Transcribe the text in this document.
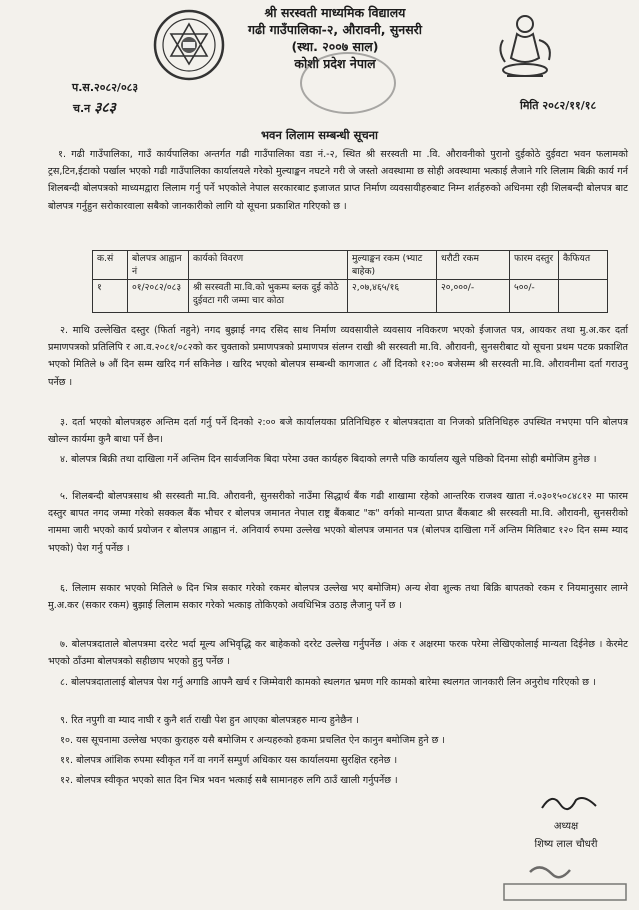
श्री सरस्वती माध्यमिक विद्यालय
गढी गाउँपालिका-२, औरावनी, सुनसरी
(स्था. २००७ साल)
कोशी प्रदेश नेपाल
प.स.२०८२/०८३
च.न ३८३	मिति २०८२/११/१८
भवन लिलाम सम्बन्धी सूचना
१. गढी गाउँपालिका, गाउँ कार्यपालिका अन्तर्गत गढी गाउँपालिका वडा नं.-२, स्थित श्री सरस्वती मा .वि. औरावनीको पुरानो दुईकोठे दुईवटा भवन फलामको ट्रस,टिन,ईटाको पर्खाल भएको गढी गाउँपालिका कार्यालयले गरेको मुल्याङ्कन नघटने गरी जे जस्तो अवस्थामा छ सोही अवस्थामा भत्काई लैजाने गरि लिलाम बिक्री कार्य गर्न शिलबन्दी बोलपत्रको माध्यमद्वारा लिलाम गर्नु पर्ने भएकोले नेपाल सरकारबाट इजाजत प्राप्त निर्माण व्यवसायीहरुबाट निम्न शर्तहरुको अधिनमा रही शिलबन्दी बोलपत्र बाट बोलपत्र गर्नुहुन सरोकारवाला सबैको जानकारीको लागि यो सूचना प्रकाशित गरिएको छ ।
क.सं	बोलपत्र आह्वान नं	कार्यको विवरण	मुल्याङ्कन रकम (भ्याट बाहेक)	धरौटी रकम	फारम दस्तुर	कैफियत
१	०१/२०८२/०८३	श्री सरस्वती मा.वि.को भुकम्प ब्लक दुई कोठे दुईवटा गरी जम्मा चार कोठा	२,०७,४६५/१६	२०,०००/-	५००/-	
२. माथि उल्लेखित दस्तुर (फिर्ता नहुने) नगद बुझाई नगद रसिद साथ निर्माण व्यवसायीले व्यवसाय नविकरण भएको ईजाजत पत्र, आयकर तथा मु.अ.कर दर्ता प्रमाणपत्रको प्रतिलिपि र आ.व.२०८१/०८२को कर चुक्ताको प्रमाणपत्रको प्रमाणपत्र संलग्न राखी श्री सरस्वती मा.वि. औरावनी, सुनसरीबाट यो सूचना प्रथम पटक प्रकाशित भएको मितिले ७ औं दिन सम्म खरिद गर्न सकिनेछ । खरिद भएको बोलपत्र सम्बन्धी कागजात ८ औं दिनको १२:०० बजेसम्म श्री सरस्वती मा.वि. औरावनीमा दर्ता गराउनु पर्नेछ ।
३. दर्ता भएको बोलपत्रहरु अन्तिम दर्ता गर्नु पर्ने दिनको २:०० बजे कार्यालयका प्रतिनिधिहरु र बोलपत्रदाता वा निजको प्रतिनिधिहरु उपस्थित नभएमा पनि बोलपत्र खोल्न कार्यमा कुनै बाधा पर्ने छैन।
४. बोलपत्र बिक्री तथा दाखिला गर्ने अन्तिम दिन सार्वजनिक बिदा परेमा उक्त कार्यहरु बिदाको लगत्तै पछि कार्यालय खुले पछिको दिनमा सोही बमोजिम हुनेछ ।
५. शिलबन्दी बोलपत्रसाथ श्री सरस्वती मा.वि. औरावनी, सुनसरीको नाउँमा सिद्धार्थ बैंक गढी शाखामा रहेको आन्तरिक राजश्व खाता नं.०३०१५०८४८१२ मा फारम दस्तुर बापत नगद जम्मा गरेको सक्कल बैंक भौचर र बोलपत्र जमानत नेपाल राष्ट्र बैंकबाट "क" वर्गको मान्यता प्राप्त बैंकबाट श्री सरस्वती मा.वि. औरावनी, सुनसरीको नाममा जारी भएको कार्य प्रयोजन र बोलपत्र आह्वान नं. अनिवार्य रुपमा उल्लेख भएको बोलपत्र जमानत पत्र (बोलपत्र दाखिला गर्ने अन्तिम मितिबाट १२० दिन सम्म म्याद भएको) पेश गर्नु पर्नेछ ।
६. लिलाम सकार भएको मितिले ७ दिन भित्र सकार गरेको रकमर बोलपत्र उल्लेख भए बमोजिम) अन्य शेवा शुल्क तथा बिक्रि बापतको रकम र नियमानुसार लाग्ने मु.अ.कर (सकार रकम) बुझाई लिलाम सकार गरेको भत्काइ तोकिएको अवधिभित्र उठाइ लैजानु पर्ने छ ।
७. बोलपत्रदाताले बोलपत्रमा दररेट भर्दा मूल्य अभिवृद्धि कर बाहेकको दररेट उल्लेख गर्नुपर्नेछ । अंक र अक्षरमा फरक परेमा लेखिएकोलाई मान्यता दिईनेछ । केरमेट भएको ठाँउमा बोलपत्रको सहीछाप भएको हुनु पर्नेछ ।
८. बोलपत्रदातालाई बोलपत्र पेश गर्नु अगाडि आफ्नै खर्च र जिम्मेवारी कामको स्थलगत भ्रमण गरि कामको बारेमा स्थलगत जानकारी लिन अनुरोध गरिएको छ ।
९. रित नपुगी वा म्याद नाघी र कुनै शर्त राखी पेश हुन आएका बोलपत्रहरु मान्य हुनेछैन ।
१०. यस सूचनामा उल्लेख भएका कुराहरु यसै बमोजिम र अन्यहरुको हकमा प्रचलित ऐन कानुन बमोजिम हुने छ ।
११. बोलपत्र आंशिक रुपमा स्वीकृत गर्ने वा नगर्ने सम्पुर्ण अधिकार यस कार्यालयमा सुरक्षित रहनेछ ।
१२. बोलपत्र स्वीकृत भएको सात दिन भित्र भवन भत्काई सबै सामानहरु लगि ठाउँ खाली गर्नुपर्नेछ ।
अध्यक्ष
शिष्य लाल चौधरी
